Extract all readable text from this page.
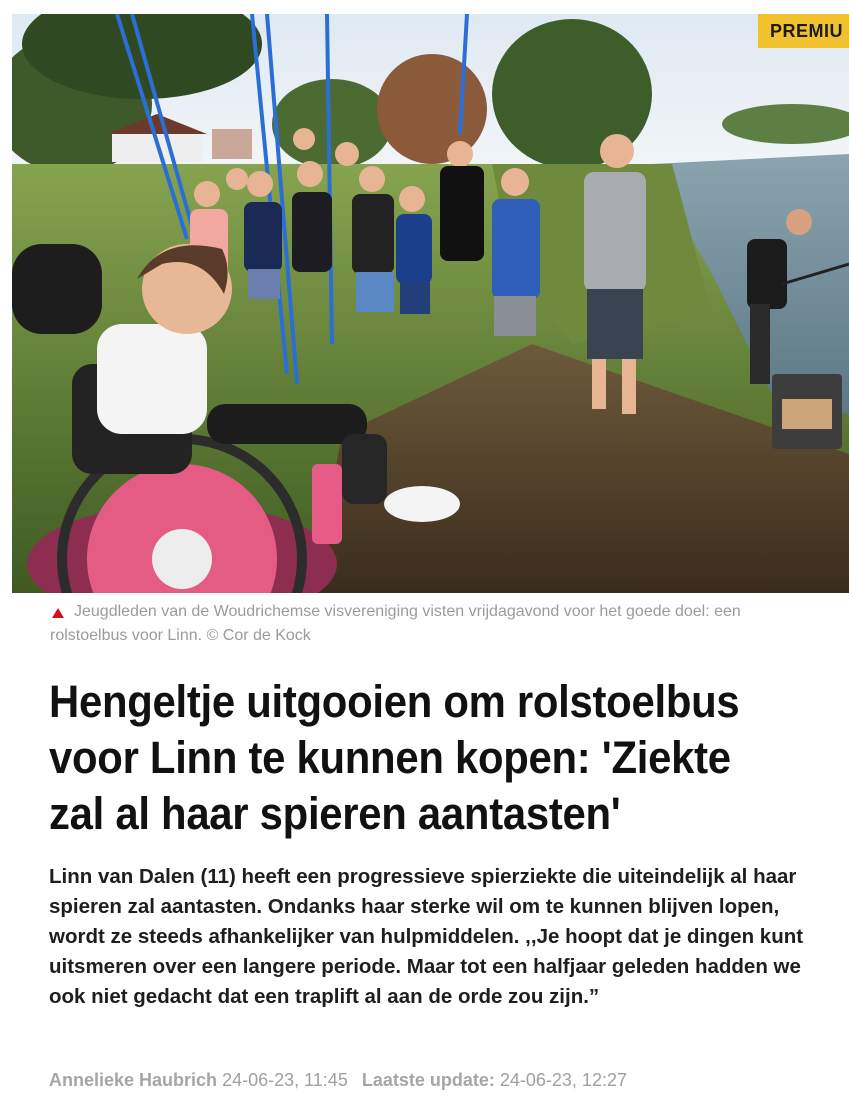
PREMIU
Jeugdleden van de Woudrichemse visvereniging visten vrijdagavond voor het goede doel: een rolstoelbus voor Linn. © Cor de Kock
Hengeltje uitgooien om rolstoelbus voor Linn te kunnen kopen: 'Ziekte zal al haar spieren aantasten'

Linn van Dalen (11) heeft een progressieve spierziekte die uiteindelijk al haar spieren zal aantasten. Ondanks haar sterke wil om te kunnen blijven lopen, wordt ze steeds afhankelijker van hulpmiddelen. ,,Je hoopt dat je dingen kunt uitsmeren over een langere periode. Maar tot een halfjaar geleden hadden we ook niet gedacht dat een traplift al aan de orde zou zijn.”

Annelieke Haubrich 24-06-23, 11:45 Laatste update: 24-06-23, 12:27
